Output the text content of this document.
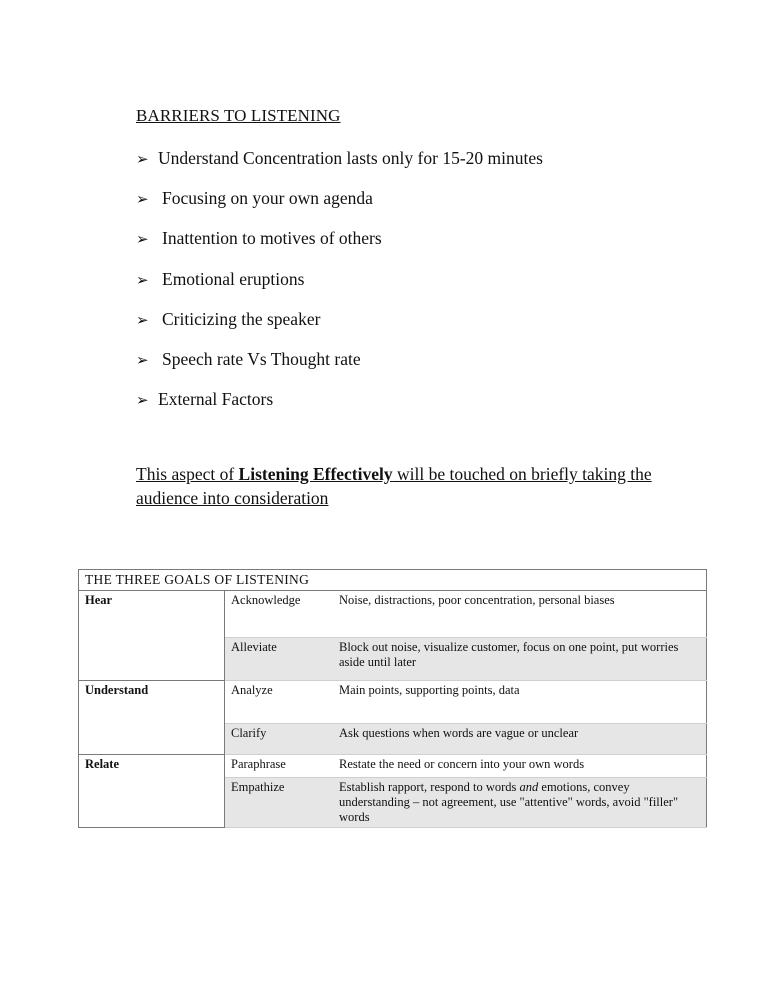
BARRIERS TO LISTENING
➢ Understand Concentration lasts only for 15-20 minutes
➢ Focusing on your own agenda
➢ Inattention to motives of others
➢ Emotional eruptions
➢ Criticizing the speaker
➢ Speech rate Vs Thought rate
➢ External Factors
This aspect of Listening Effectively will be touched on briefly taking the audience into consideration
THE THREE GOALS OF LISTENING		
Hear	Acknowledge	Noise, distractions, poor concentration, personal biases
	Alleviate	Block out noise, visualize customer, focus on one point, put worries aside until later
Understand	Analyze	Main points, supporting points, data
	Clarify	Ask questions when words are vague or unclear
Relate	Paraphrase	Restate the need or concern into your own words
	Empathize	Establish rapport, respond to words and emotions, convey understanding – not agreement, use "attentive" words, avoid "filler" words
